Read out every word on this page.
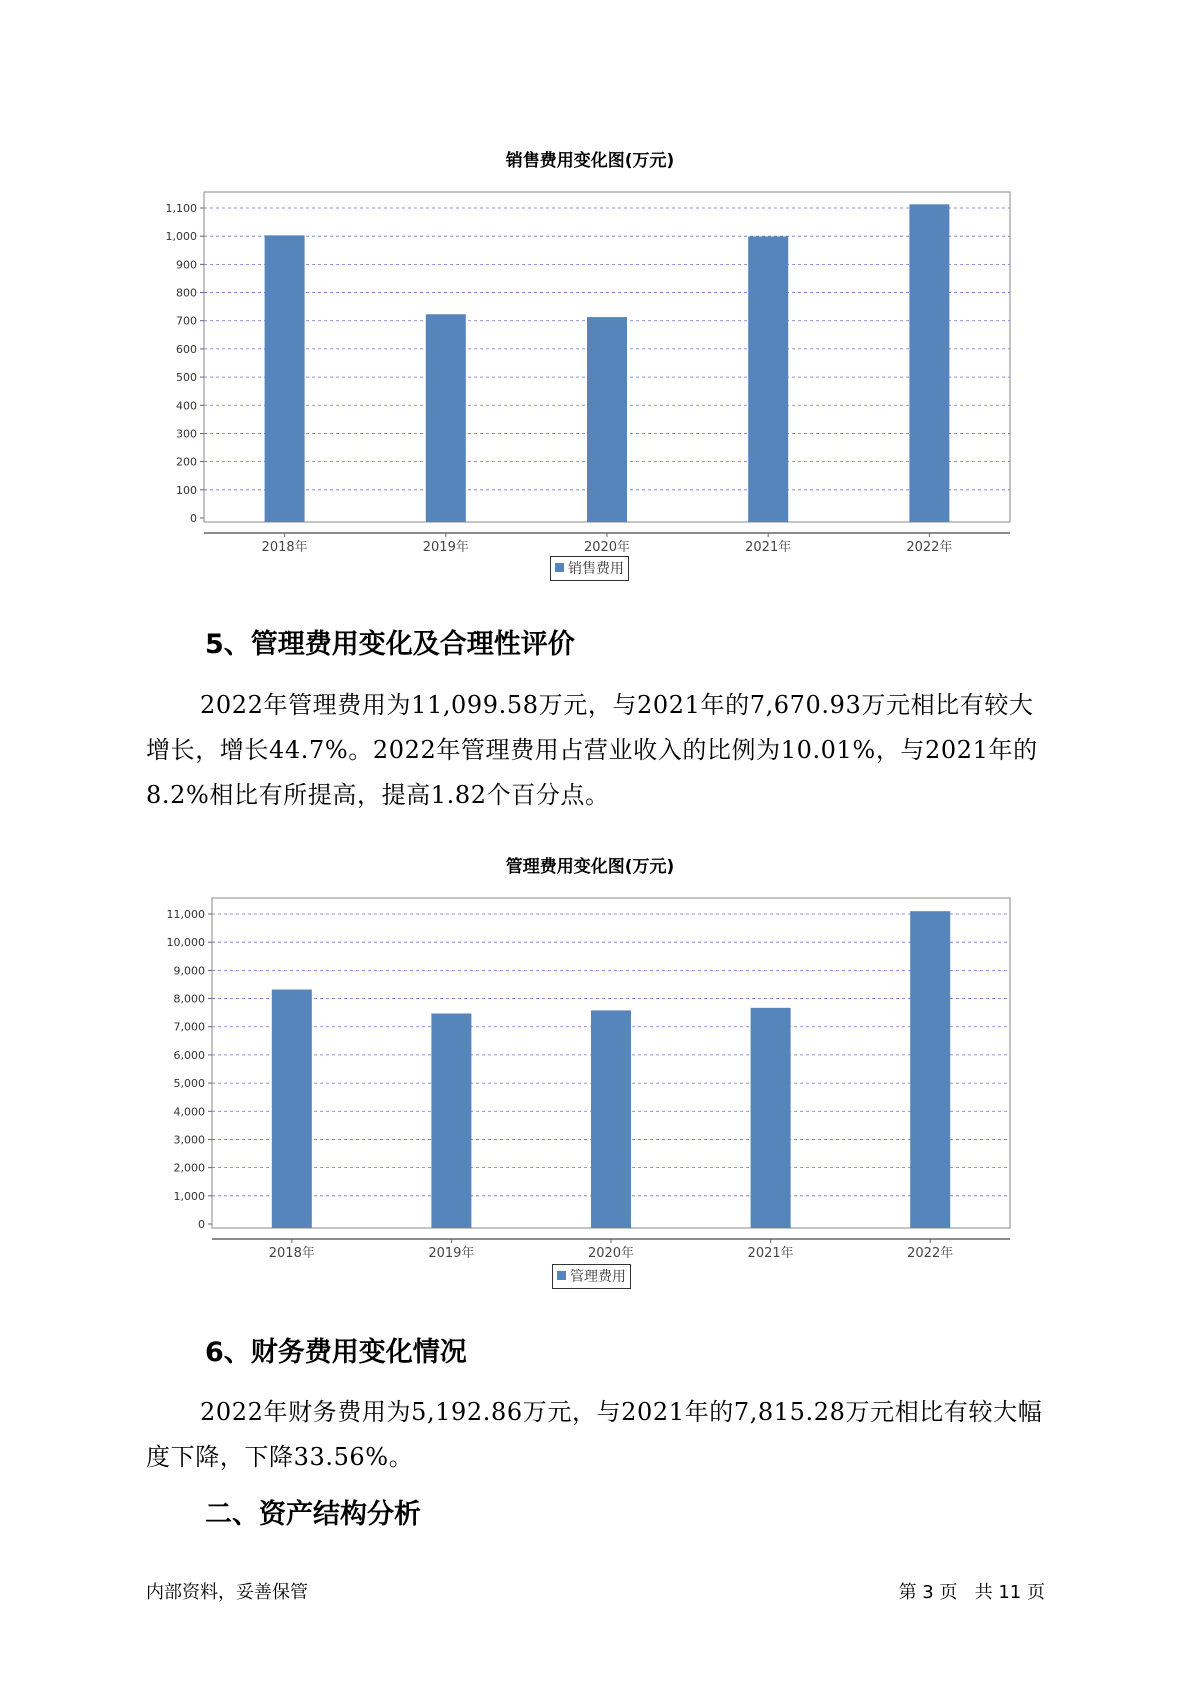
销售费用变化图(万元)
0
100
200
300
400
500
600
700
800
900
1,000
1,100
2018年	2019年	2020年	2021年	2022年
销售费用
5、管理费用变化及合理性评价

2022年管理费用为11,099.58万元，与2021年的7,670.93万元相比有较大增长，增长44.7%。2022年管理费用占营业收入的比例为10.01%，与2021年的8.2%相比有所提高，提高1.82个百分点。

管理费用变化图(万元)
0
1,000
2,000
3,000
4,000
5,000
6,000
7,000
8,000
9,000
10,000
11,000
2018年	2019年	2020年	2021年	2022年
管理费用
6、财务费用变化情况

2022年财务费用为5,192.86万元，与2021年的7,815.28万元相比有较大幅度下降，下降33.56%。

二、资产结构分析
内部资料，妥善保管	第 3 页   共 11 页
